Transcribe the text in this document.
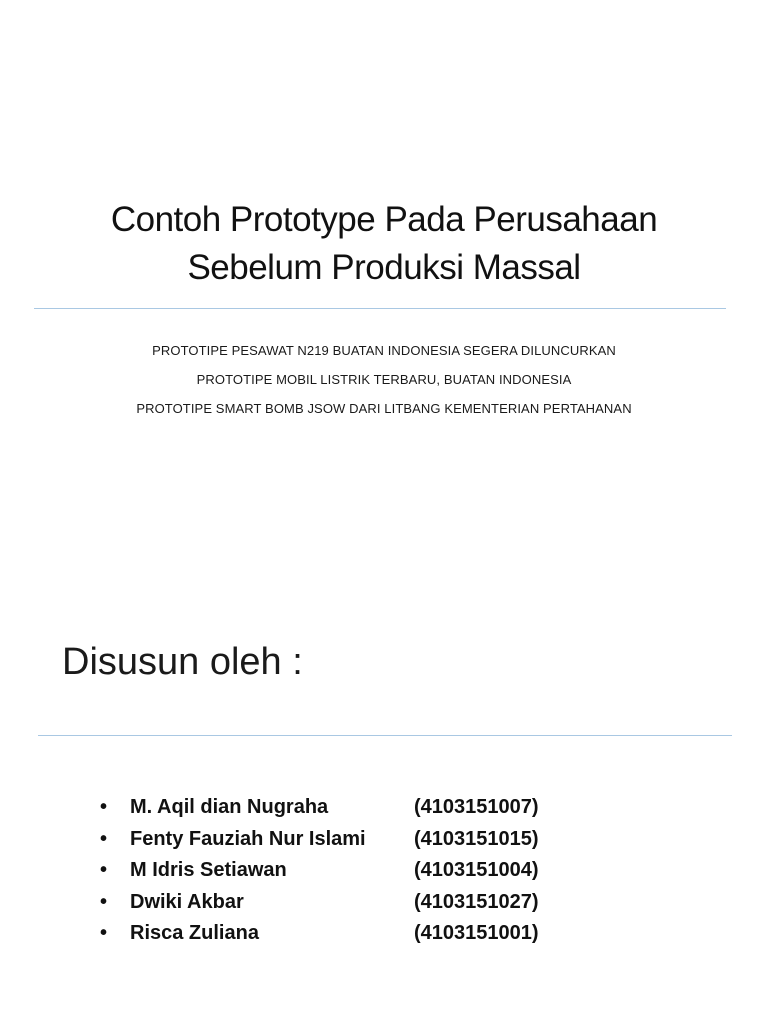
Contoh Prototype Pada Perusahaan
Sebelum Produksi Massal
PROTOTIPE PESAWAT N219 BUATAN INDONESIA SEGERA DILUNCURKAN
PROTOTIPE MOBIL LISTRIK TERBARU, BUATAN INDONESIA
PROTOTIPE SMART BOMB JSOW DARI LITBANG KEMENTERIAN PERTAHANAN
Disusun oleh :
•	M. Aqil dian Nugraha	(4103151007)
•	Fenty Fauziah Nur Islami (4103151015)
•	M Idris Setiawan	(4103151004)
•	Dwiki Akbar	(4103151027)
•	Risca Zuliana	(4103151001)
